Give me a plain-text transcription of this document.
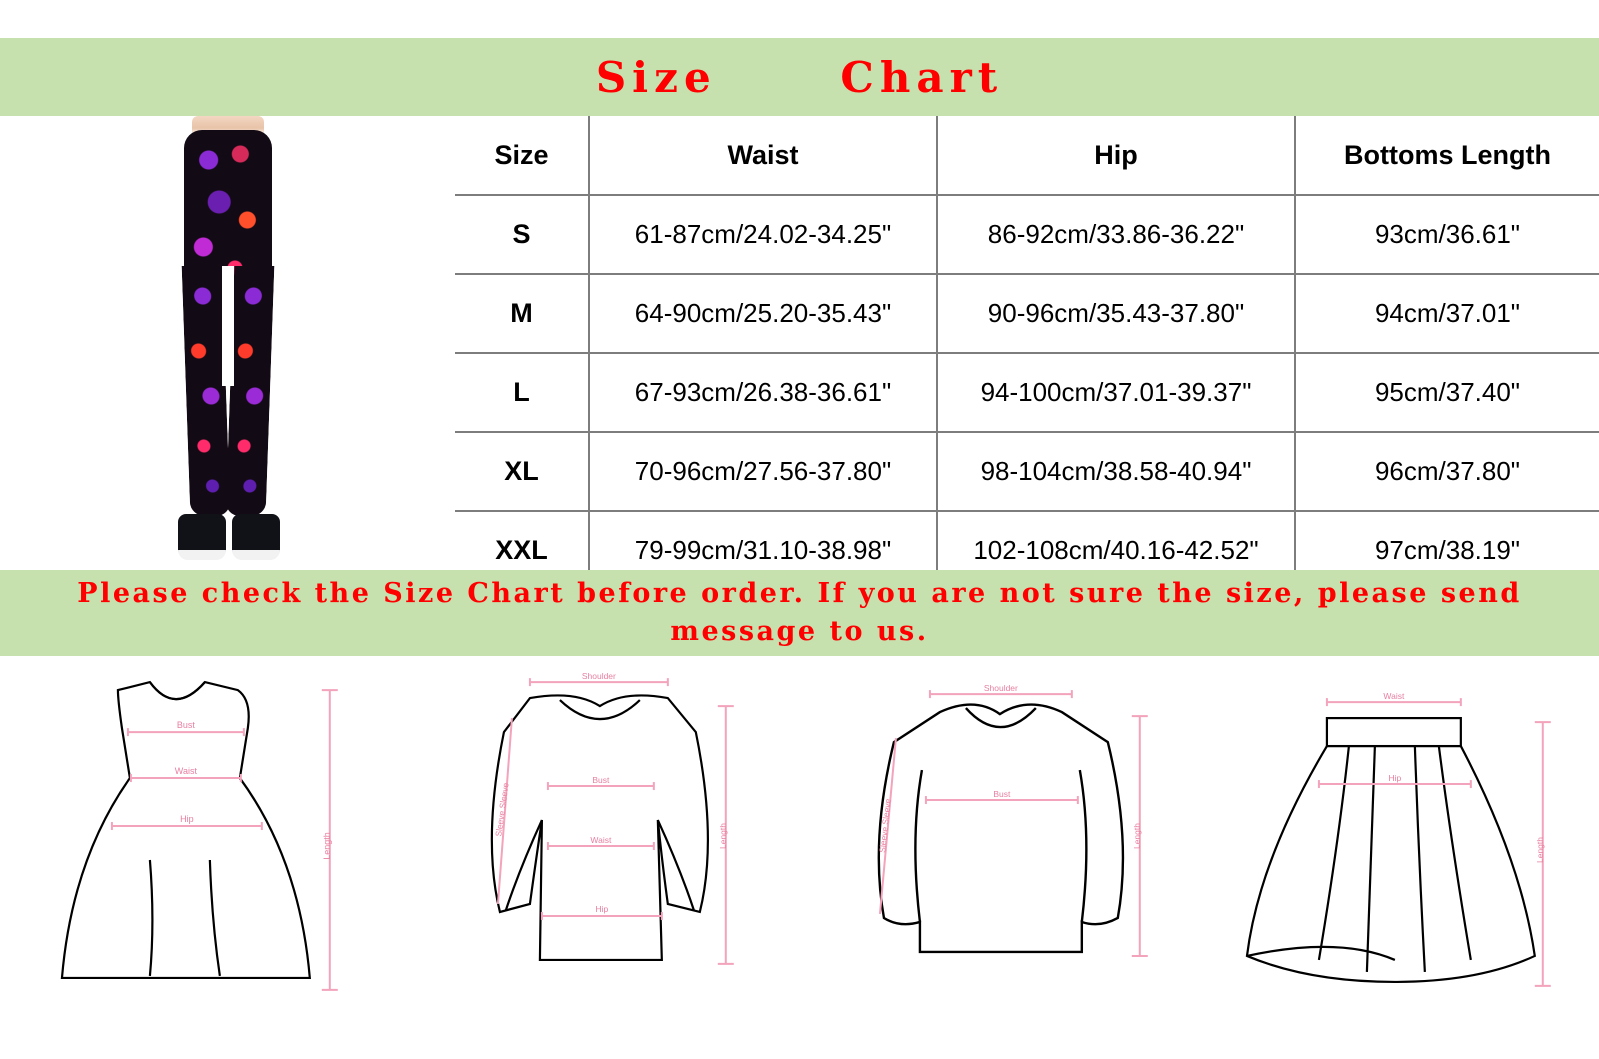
Size      Chart
Size	Waist	Hip	Bottoms Length
S	61-87cm/24.02-34.25"	86-92cm/33.86-36.22"	93cm/36.61"
M	64-90cm/25.20-35.43"	90-96cm/35.43-37.80"	94cm/37.01"
L	67-93cm/26.38-36.61"	94-100cm/37.01-39.37"	95cm/37.40"
XL	70-96cm/27.56-37.80"	98-104cm/38.58-40.94"	96cm/37.80"
XXL	79-99cm/31.10-38.98"	102-108cm/40.16-42.52"	97cm/38.19"
Please check the Size Chart before order. If you are not sure the size, please send
message to us.
Bust
Waist
Hip
Length
Shoulder
Sleeve Sleeve
Bust
Waist
Hip
Length
Shoulder
Sleeve Sleeve
Bust
Length
Waist
Hip
Length
